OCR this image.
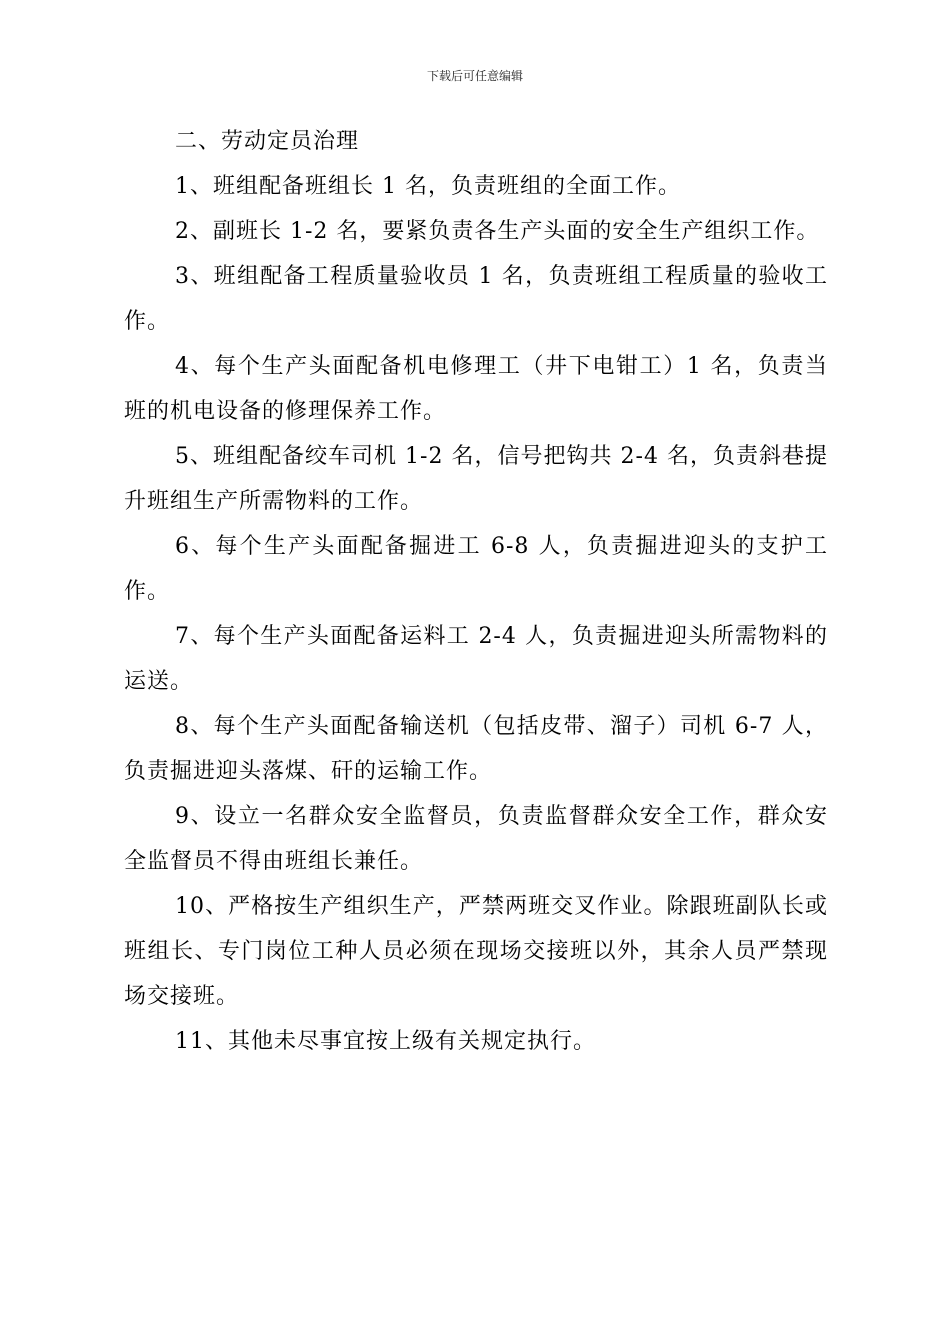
下载后可任意编辑

二、劳动定员治理

1、班组配备班组长 1 名，负责班组的全面工作。

2、副班长 1-2 名，要紧负责各生产头面的安全生产组织工作。

3、班组配备工程质量验收员 1 名，负责班组工程质量的验收工作。

4、每个生产头面配备机电修理工（井下电钳工）1 名，负责当班的机电设备的修理保养工作。

5、班组配备绞车司机 1-2 名，信号把钩共 2-4 名，负责斜巷提升班组生产所需物料的工作。

6、每个生产头面配备掘进工 6-8 人，负责掘进迎头的支护工作。

7、每个生产头面配备运料工 2-4 人，负责掘进迎头所需物料的运送。

8、每个生产头面配备输送机（包括皮带、溜子）司机 6-7 人，负责掘进迎头落煤、矸的运输工作。

9、设立一名群众安全监督员，负责监督群众安全工作，群众安全监督员不得由班组长兼任。

10、严格按生产组织生产，严禁两班交叉作业。除跟班副队长或班组长、专门岗位工种人员必须在现场交接班以外，其余人员严禁现场交接班。

11、其他未尽事宜按上级有关规定执行。
